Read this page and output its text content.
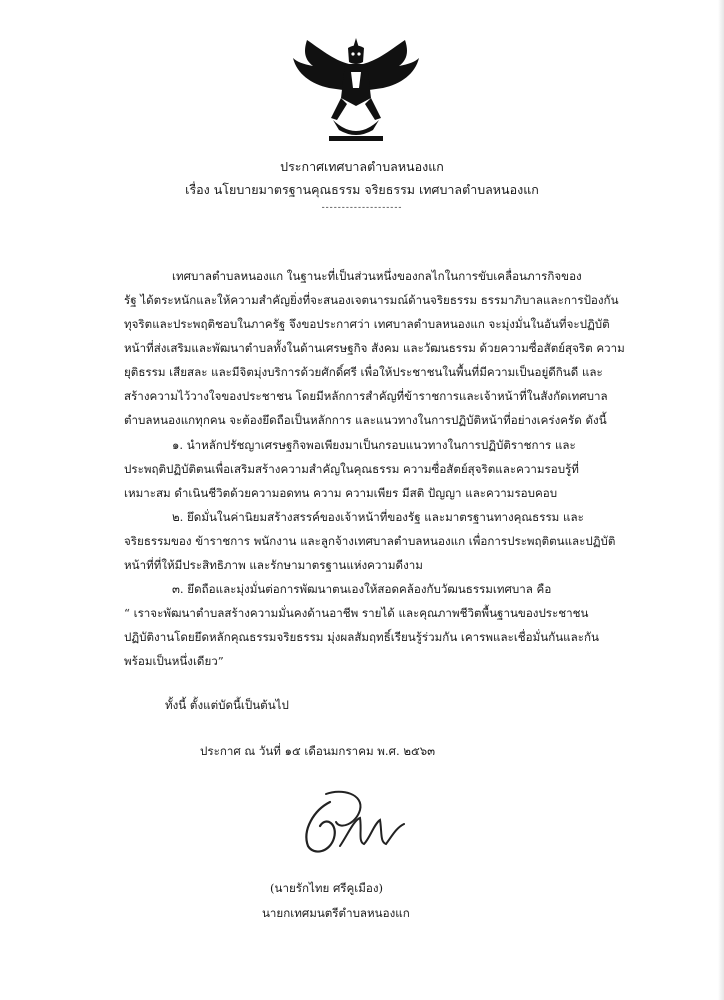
ประกาศเทศบาลตำบลหนองแก
เรื่อง นโยบายมาตรฐานคุณธรรม จริยธรรม เทศบาลตำบลหนองแก
--------------------
เทศบาลตำบลหนองแก ในฐานะที่เป็นส่วนหนึ่งของกลไกในการขับเคลื่อนภารกิจของ
รัฐ ได้ตระหนักและให้ความสำคัญยิ่งที่จะสนองเจตนารมณ์ด้านจริยธรรม ธรรมาภิบาลและการป้องกัน
ทุจริตและประพฤติชอบในภาครัฐ จึงขอประกาศว่า เทศบาลตำบลหนองแก จะมุ่งมั่นในอันที่จะปฏิบัติ
หน้าที่ส่งเสริมและพัฒนาตำบลทั้งในด้านเศรษฐกิจ สังคม และวัฒนธรรม ด้วยความซื่อสัตย์สุจริต ความ
ยุติธรรม เสียสละ และมีจิตมุ่งบริการด้วยศักดิ์ศรี เพื่อให้ประชาชนในพื้นที่มีความเป็นอยู่ดีกินดี และ
สร้างความไว้วางใจของประชาชน โดยมีหลักการสำคัญที่ข้าราชการและเจ้าหน้าที่ในสังกัดเทศบาล
ตำบลหนองแกทุกคน จะต้องยึดถือเป็นหลักการ และแนวทางในการปฏิบัติหน้าที่อย่างเคร่งครัด ดังนี้
๑. นำหลักปรัชญาเศรษฐกิจพอเพียงมาเป็นกรอบแนวทางในการปฏิบัติราชการ และ
ประพฤติปฏิบัติตนเพื่อเสริมสร้างความสำคัญในคุณธรรม ความซื่อสัตย์สุจริตและความรอบรู้ที่
เหมาะสม ดำเนินชีวิตด้วยความอดทน ความ ความเพียร มีสติ ปัญญา และความรอบคอบ
๒. ยึดมั่นในค่านิยมสร้างสรรค์ของเจ้าหน้าที่ของรัฐ และมาตรฐานทางคุณธรรม และ
จริยธรรมของ ข้าราชการ พนักงาน และลูกจ้างเทศบาลตำบลหนองแก เพื่อการประพฤติตนและปฏิบัติ
หน้าที่ที่ให้มีประสิทธิภาพ และรักษามาตรฐานแห่งความดีงาม
๓. ยึดถือและมุ่งมั่นต่อการพัฒนาตนเองให้สอดคล้องกับวัฒนธรรมเทศบาล คือ
“ เราจะพัฒนาตำบลสร้างความมั่นคงด้านอาชีพ รายได้ และคุณภาพชีวิตพื้นฐานของประชาชน
ปฏิบัติงานโดยยึดหลักคุณธรรมจริยธรรม มุ่งผลสัมฤทธิ์เรียนรู้ร่วมกัน เคารพและเชื่อมั่นกันและกัน
พร้อมเป็นหนึ่งเดียว”
ทั้งนี้ ตั้งแต่บัดนี้เป็นต้นไป
ประกาศ ณ วันที่ ๑๕ เดือนมกราคม พ.ศ. ๒๕๖๓
(นายรักไทย ศรีคูเมือง)
นายกเทศมนตรีตำบลหนองแก
